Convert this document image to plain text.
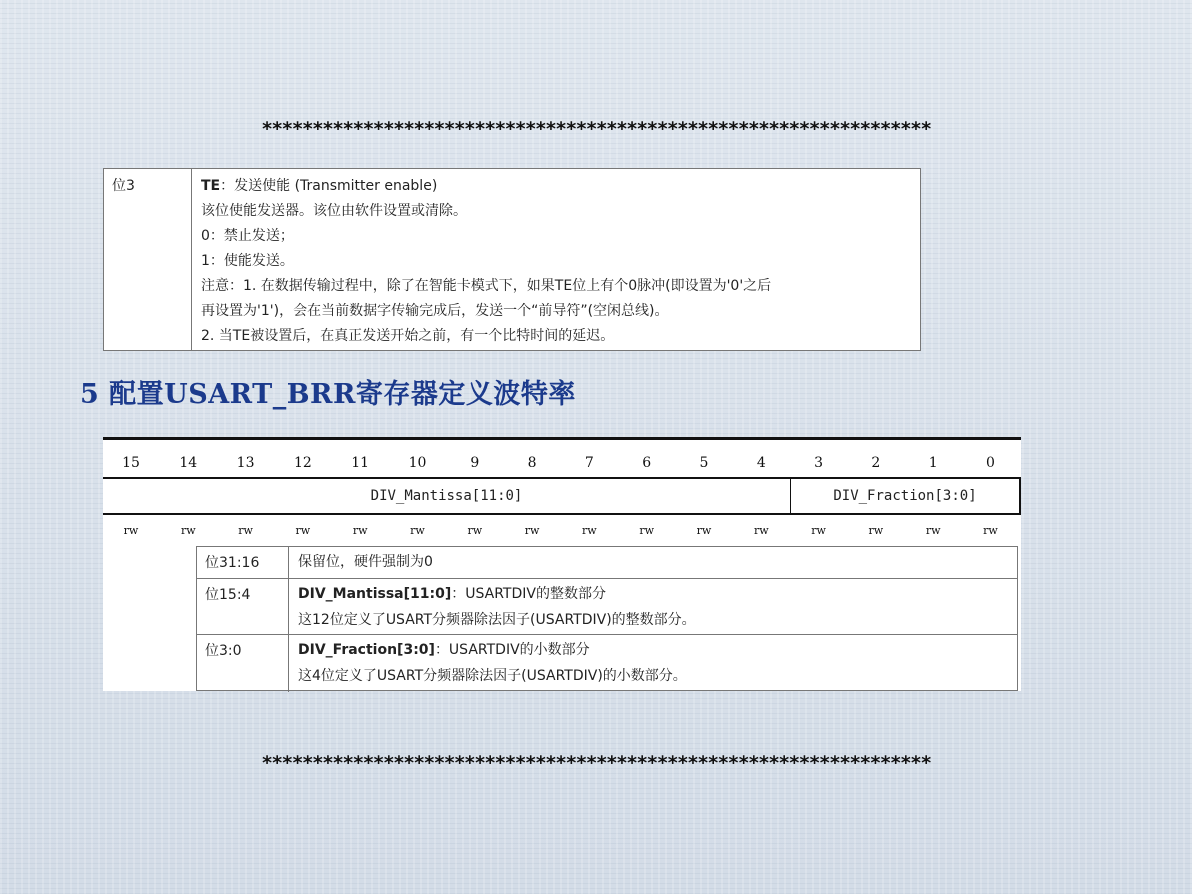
******************************************************************
位3	TE：发送使能 (Transmitter enable)
该位使能发送器。该位由软件设置或清除。
0：禁止发送；
1：使能发送。
注意：1. 在数据传输过程中，除了在智能卡模式下，如果TE位上有个0脉冲(即设置为'0'之后
再设置为'1')，会在当前数据字传输完成后，发送一个“前导符”(空闲总线)。
2. 当TE被设置后，在真正发送开始之前，有一个比特时间的延迟。
5 配置USART_BRR寄存器定义波特率
15	14	13	12	11	10	9	8	7	6	5	4	3	2	1	0
DIV_Mantissa[11:0]	DIV_Fraction[3:0]
rw	rw	rw	rw	rw	rw	rw	rw	rw	rw	rw	rw	rw	rw	rw	rw
位31:16	保留位，硬件强制为0
位15:4	DIV_Mantissa[11:0]：USARTDIV的整数部分
这12位定义了USART分频器除法因子(USARTDIV)的整数部分。
位3:0	DIV_Fraction[3:0]：USARTDIV的小数部分
这4位定义了USART分频器除法因子(USARTDIV)的小数部分。
******************************************************************
